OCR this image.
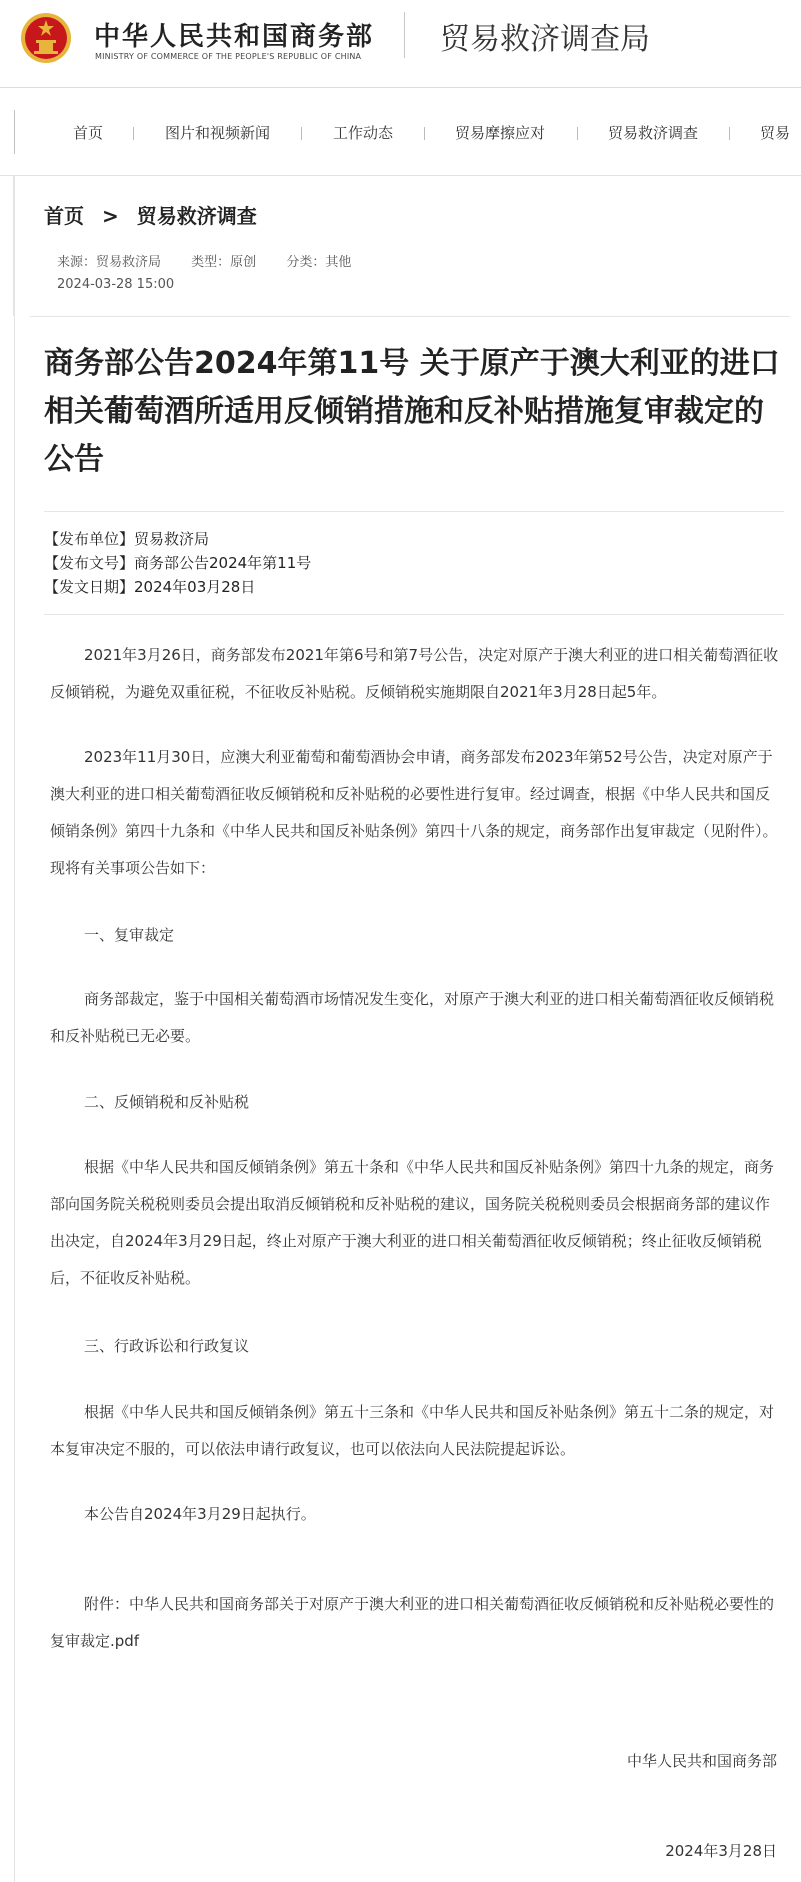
中华人民共和国商务部
MINISTRY OF COMMERCE OF THE PEOPLE'S REPUBLIC OF CHINA	贸易救济调查局
首页	图片和视频新闻	工作动态	贸易摩擦应对	贸易救济调查	贸易
首页 > 贸易救济调查
来源：贸易救济局 类型：原创 分类：其他
2024-03-28 15:00
商务部公告2024年第11号 关于原产于澳大利亚的进口相关葡萄酒所适用反倾销措施和反补贴措施复审裁定的公告
【发布单位】贸易救济局
【发布文号】商务部公告2024年第11号
【发文日期】2024年03月28日
2021年3月26日，商务部发布2021年第6号和第7号公告，决定对原产于澳大利亚的进口相关葡萄酒征收反倾销税，为避免双重征税，不征收反补贴税。反倾销税实施期限自2021年3月28日起5年。
2023年11月30日，应澳大利亚葡萄和葡萄酒协会申请，商务部发布2023年第52号公告，决定对原产于澳大利亚的进口相关葡萄酒征收反倾销税和反补贴税的必要性进行复审。经过调查，根据《中华人民共和国反倾销条例》第四十九条和《中华人民共和国反补贴条例》第四十八条的规定，商务部作出复审裁定（见附件）。现将有关事项公告如下：
一、复审裁定
商务部裁定，鉴于中国相关葡萄酒市场情况发生变化，对原产于澳大利亚的进口相关葡萄酒征收反倾销税和反补贴税已无必要。
二、反倾销税和反补贴税
根据《中华人民共和国反倾销条例》第五十条和《中华人民共和国反补贴条例》第四十九条的规定，商务部向国务院关税税则委员会提出取消反倾销税和反补贴税的建议，国务院关税税则委员会根据商务部的建议作出决定，自2024年3月29日起，终止对原产于澳大利亚的进口相关葡萄酒征收反倾销税；终止征收反倾销税后，不征收反补贴税。
三、行政诉讼和行政复议
根据《中华人民共和国反倾销条例》第五十三条和《中华人民共和国反补贴条例》第五十二条的规定，对本复审决定不服的，可以依法申请行政复议，也可以依法向人民法院提起诉讼。
本公告自2024年3月29日起执行。
附件：中华人民共和国商务部关于对原产于澳大利亚的进口相关葡萄酒征收反倾销税和反补贴税必要性的复审裁定.pdf
中华人民共和国商务部
2024年3月28日
